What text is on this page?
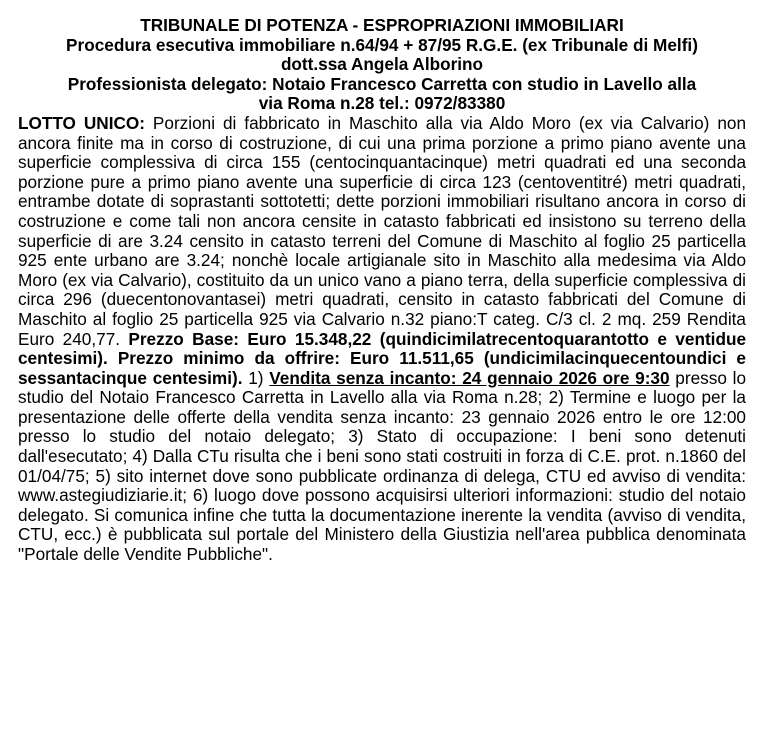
TRIBUNALE DI POTENZA - ESPROPRIAZIONI IMMOBILIARI
Procedura esecutiva immobiliare n.64/94 + 87/95 R.G.E. (ex Tribunale di Melfi)
dott.ssa Angela Alborino
Professionista delegato: Notaio Francesco Carretta con studio in Lavello alla
via Roma n.28 tel.: 0972/83380
LOTTO UNICO: Porzioni di fabbricato in Maschito alla via Aldo Moro (ex via Calvario) non ancora finite ma in corso di costruzione, di cui una prima porzione a primo piano avente una superficie complessiva di circa 155 (centocinquantacinque) metri quadrati ed una seconda porzione pure a primo piano avente una superficie di circa 123 (centoventitré) metri quadrati, entrambe dotate di soprastanti sottotetti; dette porzioni immobiliari risultano ancora in corso di costruzione e come tali non ancora censite in catasto fabbricati ed insistono su terreno della superficie di are 3.24 censito in catasto terreni del Comune di Maschito al foglio 25 particella 925 ente urbano are 3.24; nonchè locale artigianale sito in Maschito alla medesima via Aldo Moro (ex via Calvario), costituito da un unico vano a piano terra, della superficie complessiva di circa 296 (duecentonovantasei) metri quadrati, censito in catasto fabbricati del Comune di Maschito al foglio 25 particella 925 via Calvario n.32 piano:T categ. C/3 cl. 2 mq. 259 Rendita Euro 240,77. Prezzo Base: Euro 15.348,22 (quindicimilatrecentoquarantotto e ventidue centesimi). Prezzo minimo da offrire: Euro 11.511,65 (undicimilacinquecentoundici e sessantacinque centesimi). 1) Vendita senza incanto: 24 gennaio 2026 ore 9:30 presso lo studio del Notaio Francesco Carretta in Lavello alla via Roma n.28; 2) Termine e luogo per la presentazione delle offerte della vendita senza incanto: 23 gennaio 2026 entro le ore 12:00 presso lo studio del notaio delegato; 3) Stato di occupazione: I beni sono detenuti dall'esecutato; 4) Dalla CTu risulta che i beni sono stati costruiti in forza di C.E. prot. n.1860 del 01/04/75; 5) sito internet dove sono pubblicate ordinanza di delega, CTU ed avviso di vendita: www.astegiudiziarie.it; 6) luogo dove possono acquisirsi ulteriori informazioni: studio del notaio delegato. Si comunica infine che tutta la documentazione inerente la vendita (avviso di vendita, CTU, ecc.) è pubblicata sul portale del Ministero della Giustizia nell'area pubblica denominata "Portale delle Vendite Pubbliche".
